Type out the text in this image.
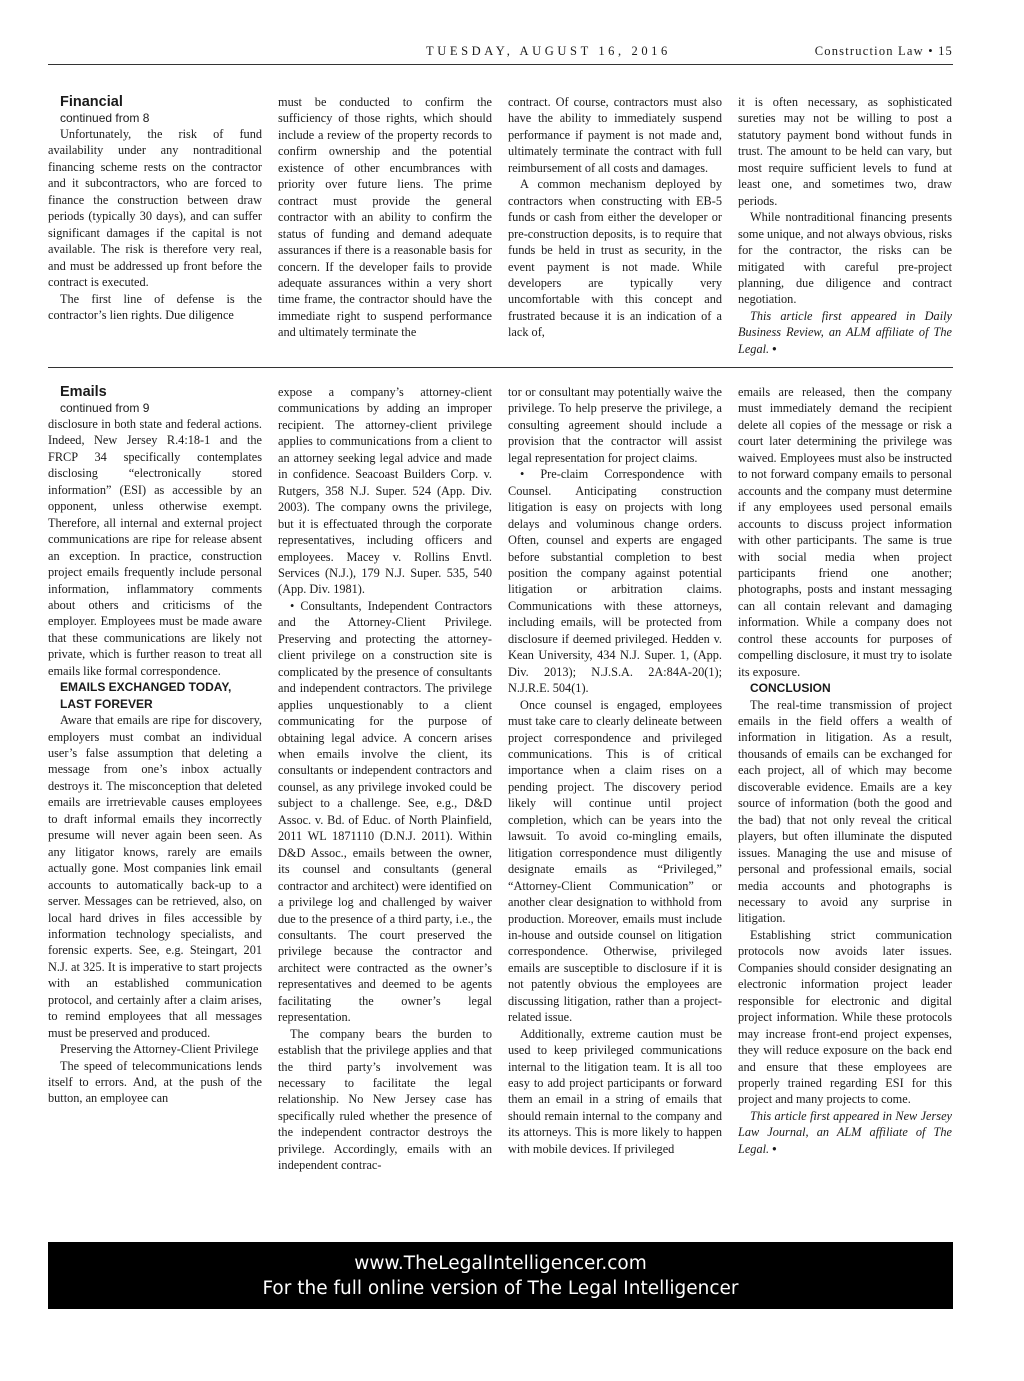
TUESDAY, AUGUST 16, 2016	Construction Law • 15

Financial

continued from 8

Unfortunately, the risk of fund availability under any nontraditional financing scheme rests on the contractor and it subcontractors, who are forced to finance the construction between draw periods (typically 30 days), and can suffer significant damages if the capital is not available. The risk is therefore very real, and must be addressed up front before the contract is executed.

The first line of defense is the contractor’s lien rights. Due diligence

must be conducted to confirm the sufficiency of those rights, which should include a review of the property records to confirm ownership and the potential existence of other encumbrances with priority over future liens. The prime contract must provide the general contractor with an ability to confirm the status of funding and demand adequate assurances if there is a reasonable basis for concern. If the developer fails to provide adequate assurances within a very short time frame, the contractor should have the immediate right to suspend performance and ultimately terminate the

contract. Of course, contractors must also have the ability to immediately suspend performance if payment is not made and, ultimately terminate the contract with full reimbursement of all costs and damages.

A common mechanism deployed by contractors when constructing with EB-5 funds or cash from either the developer or pre-construction deposits, is to require that funds be held in trust as security, in the event payment is not made. While developers are typically very uncomfortable with this concept and frustrated because it is an indication of a lack of,

it is often necessary, as sophisticated sureties may not be willing to post a statutory payment bond without funds in trust. The amount to be held can vary, but most require sufficient levels to fund at least one, and sometimes two, draw periods.

While nontraditional financing presents some unique, and not always obvious, risks for the contractor, the risks can be mitigated with careful pre-project planning, due diligence and contract negotiation.

This article first appeared in Daily Business Review, an ALM affiliate of The Legal. •

Emails

continued from 9

disclosure in both state and federal actions. Indeed, New Jersey R.4:18-1 and the FRCP 34 specifically contemplates disclosing “electronically stored information” (ESI) as accessible by an opponent, unless otherwise exempt. Therefore, all internal and external project communications are ripe for release absent an exception. In practice, construction project emails frequently include personal information, inflammatory comments about others and criticisms of the employer. Employees must be made aware that these communications are likely not private, which is further reason to treat all emails like formal correspondence.

EMAILS EXCHANGED TODAY,
LAST FOREVER

Aware that emails are ripe for discovery, employers must combat an individual user’s false assumption that deleting a message from one’s inbox actually destroys it. The misconception that deleted emails are irretrievable causes employees to draft informal emails they incorrectly presume will never again been seen. As any litigator knows, rarely are emails actually gone. Most companies link email accounts to automatically back-up to a server. Messages can be retrieved, also, on local hard drives in files accessible by information technology specialists, and forensic experts. See, e.g. Steingart, 201 N.J. at 325. It is imperative to start projects with an established communication protocol, and certainly after a claim arises, to remind employees that all messages must be preserved and produced.

Preserving the Attorney-Client Privilege

The speed of telecommunications lends itself to errors. And, at the push of the button, an employee can

expose a company’s attorney-client communications by adding an improper recipient. The attorney-client privilege applies to communications from a client to an attorney seeking legal advice and made in confidence. Seacoast Builders Corp. v. Rutgers, 358 N.J. Super. 524 (App. Div. 2003). The company owns the privilege, but it is effectuated through the corporate representatives, including officers and employees. Macey v. Rollins Envtl. Services (N.J.), 179 N.J. Super. 535, 540 (App. Div. 1981).

• Consultants, Independent Contractors and the Attorney-Client Privilege. Preserving and protecting the attorney-client privilege on a construction site is complicated by the presence of consultants and independent contractors. The privilege applies unquestionably to a client communicating for the purpose of obtaining legal advice. A concern arises when emails involve the client, its consultants or independent contractors and counsel, as any privilege invoked could be subject to a challenge. See, e.g., D&D Assoc. v. Bd. of Educ. of North Plainfield, 2011 WL 1871110 (D.N.J. 2011). Within D&D Assoc., emails between the owner, its counsel and consultants (general contractor and architect) were identified on a privilege log and challenged by waiver due to the presence of a third party, i.e., the consultants. The court preserved the privilege because the contractor and architect were contracted as the owner’s representatives and deemed to be agents facilitating the owner’s legal representation.

The company bears the burden to establish that the privilege applies and that the third party’s involvement was necessary to facilitate the legal relationship. No New Jersey case has specifically ruled whether the presence of the independent contractor destroys the privilege. Accordingly, emails with an independent contrac-

tor or consultant may potentially waive the privilege. To help preserve the privilege, a consulting agreement should include a provision that the contractor will assist legal representation for project claims.

• Pre-claim Correspondence with Counsel. Anticipating construction litigation is easy on projects with long delays and voluminous change orders. Often, counsel and experts are engaged before substantial completion to best position the company against potential litigation or arbitration claims. Communications with these attorneys, including emails, will be protected from disclosure if deemed privileged. Hedden v. Kean University, 434 N.J. Super. 1, (App. Div. 2013); N.J.S.A. 2A:84A-20(1); N.J.R.E. 504(1).

Once counsel is engaged, employees must take care to clearly delineate between project correspondence and privileged communications. This is of critical importance when a claim rises on a pending project. The discovery period likely will continue until project completion, which can be years into the lawsuit. To avoid co-mingling emails, litigation correspondence must diligently designate emails as “Privileged,” “Attorney-Client Communication” or another clear designation to withhold from production. Moreover, emails must include in-house and outside counsel on litigation correspondence. Otherwise, privileged emails are susceptible to disclosure if it is not patently obvious the employees are discussing litigation, rather than a project-related issue.

Additionally, extreme caution must be used to keep privileged communications internal to the litigation team. It is all too easy to add project participants or forward them an email in a string of emails that should remain internal to the company and its attorneys. This is more likely to happen with mobile devices. If privileged

emails are released, then the company must immediately demand the recipient delete all copies of the message or risk a court later determining the privilege was waived. Employees must also be instructed to not forward company emails to personal accounts and the company must determine if any employees used personal emails accounts to discuss project information with other participants. The same is true with social media when project participants friend one another; photographs, posts and instant messaging can all contain relevant and damaging information. While a company does not control these accounts for purposes of compelling disclosure, it must try to isolate its exposure.

CONCLUSION

The real-time transmission of project emails in the field offers a wealth of information in litigation. As a result, thousands of emails can be exchanged for each project, all of which may become discoverable evidence. Emails are a key source of information (both the good and the bad) that not only reveal the critical players, but often illuminate the disputed issues. Managing the use and misuse of personal and professional emails, social media accounts and photographs is necessary to avoid any surprise in litigation.

Establishing strict communication protocols now avoids later issues. Companies should consider designating an electronic information project leader responsible for electronic and digital project information. While these protocols may increase front-end project expenses, they will reduce exposure on the back end and ensure that these employees are properly trained regarding ESI for this project and many projects to come.

This article first appeared in New Jersey Law Journal, an ALM affiliate of The Legal. •

www.TheLegalIntelligencer.com
For the full online version of The Legal Intelligencer
